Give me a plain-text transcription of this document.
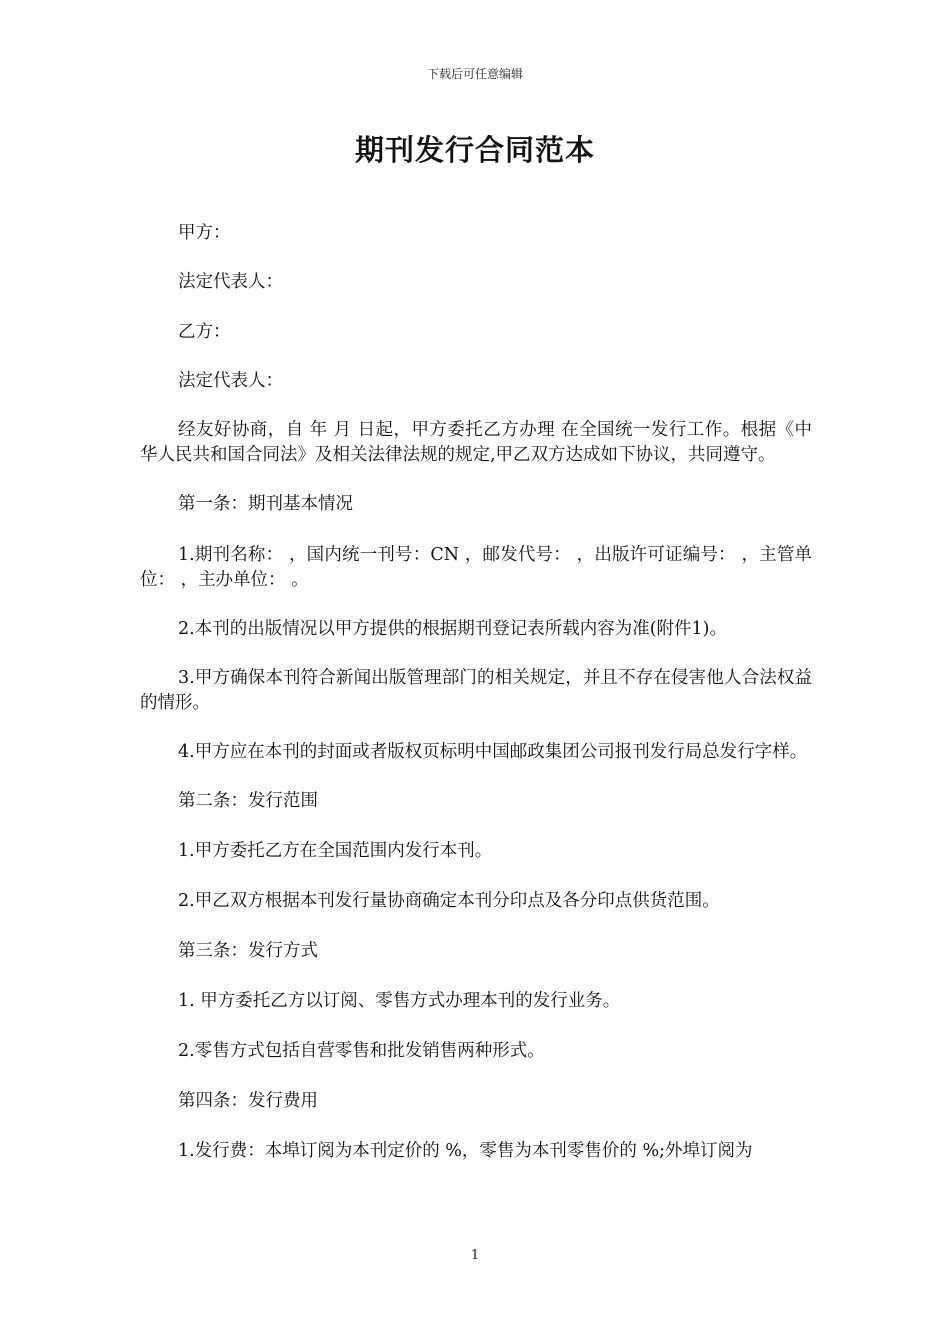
下载后可任意编辑
期刊发行合同范本

甲方：

法定代表人：

乙方：

法定代表人：

经友好协商，自 年 月 日起，甲方委托乙方办理 在全国统一发行工作。根据《中华人民共和国合同法》及相关法律法规的规定,甲乙双方达成如下协议，共同遵守。

第一条：期刊基本情况

1.期刊名称： ，国内统一刊号：CN ，邮发代号： ，出版许可证编号： ，主管单位： ，主办单位： 。

2.本刊的出版情况以甲方提供的根据期刊登记表所载内容为准(附件1)。

3.甲方确保本刊符合新闻出版管理部门的相关规定，并且不存在侵害他人合法权益的情形。

4.甲方应在本刊的封面或者版权页标明中国邮政集团公司报刊发行局总发行字样。

第二条：发行范围

1.甲方委托乙方在全国范围内发行本刊。

2.甲乙双方根据本刊发行量协商确定本刊分印点及各分印点供货范围。

第三条：发行方式

1. 甲方委托乙方以订阅、零售方式办理本刊的发行业务。

2.零售方式包括自营零售和批发销售两种形式。

第四条：发行费用

1.发行费：本埠订阅为本刊定价的 %，零售为本刊零售价的 %;外埠订阅为

1
